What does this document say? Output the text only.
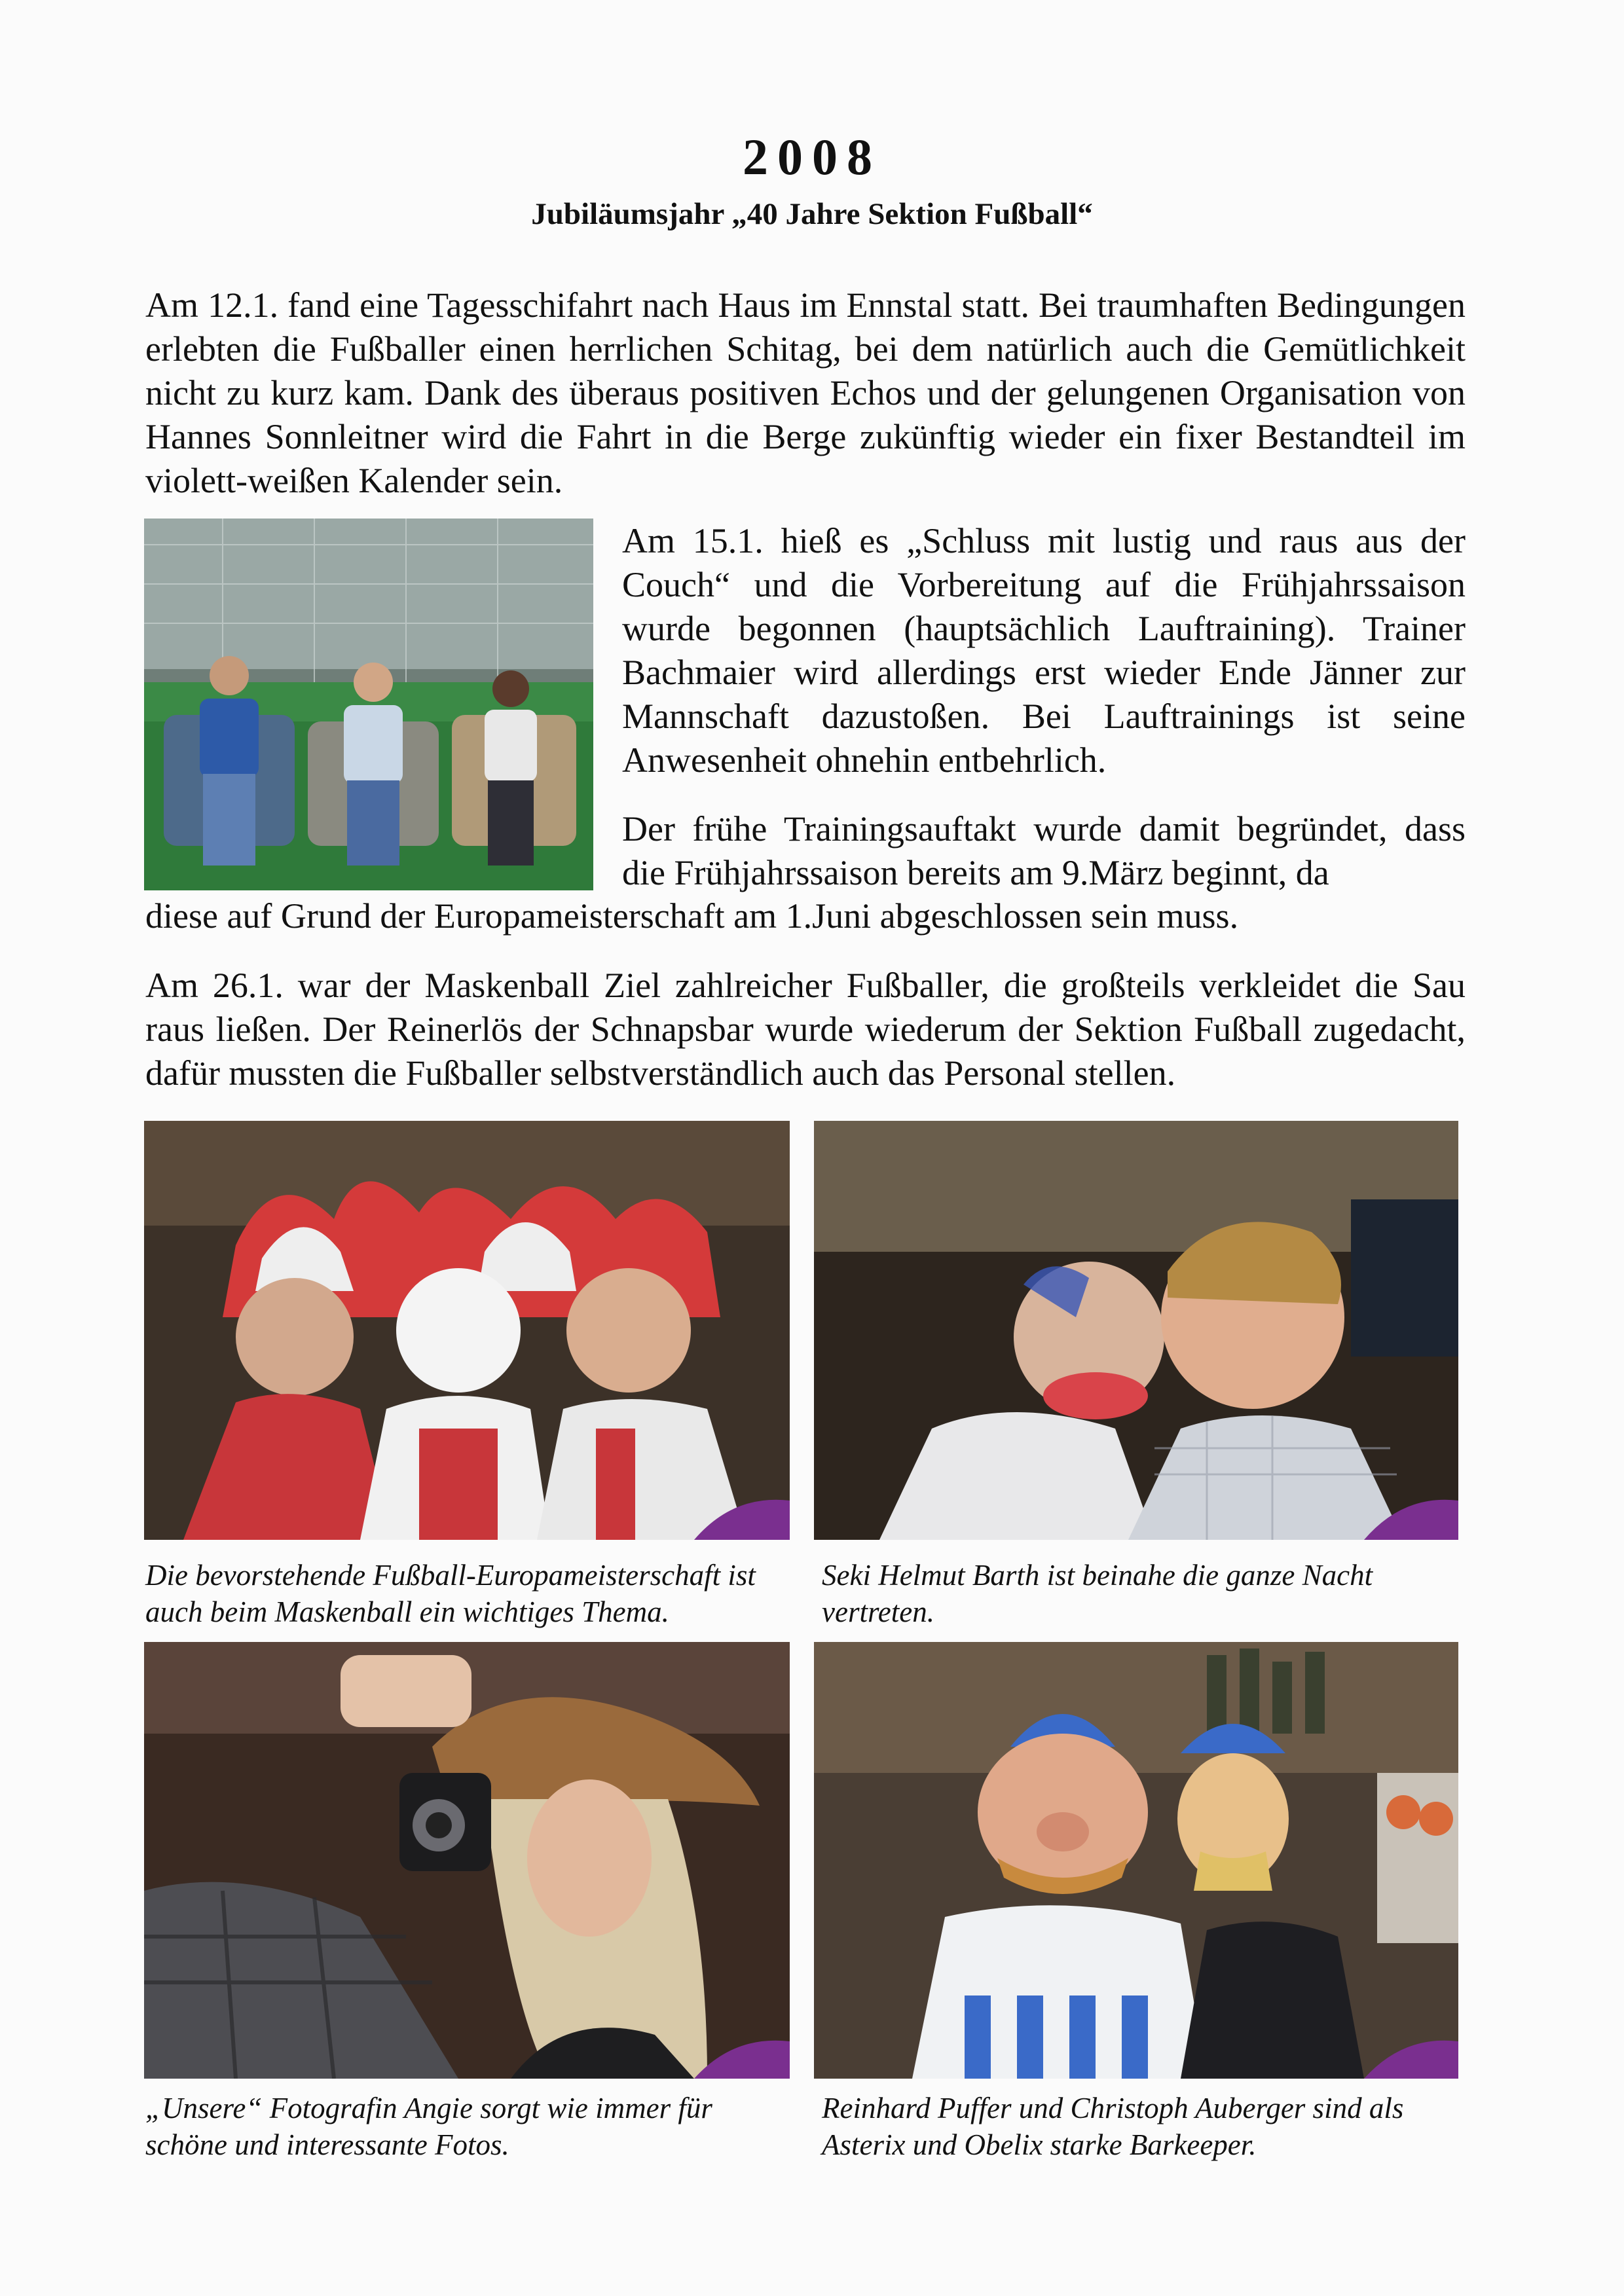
2008
Jubiläumsjahr „40 Jahre Sektion Fußball“
Am 12.1. fand eine Tagesschifahrt nach Haus im Ennstal statt. Bei traumhaften Bedingungen erlebten die Fußballer einen herrlichen Schitag, bei dem natürlich auch die Gemütlichkeit nicht zu kurz kam. Dank des überaus positiven Echos und der gelungenen Organisation von Hannes Sonnleitner wird die Fahrt in die Berge zukünftig wieder ein fixer Bestandteil im violett-weißen Kalender sein.
Am 15.1. hieß es „Schluss mit lustig und raus aus der Couch“ und die Vorbereitung auf die Frühjahrssaison wurde begonnen (hauptsächlich Lauftraining). Trainer Bachmaier wird allerdings erst wieder Ende Jänner zur Mannschaft dazustoßen. Bei Lauftrainings ist seine Anwesenheit ohnehin entbehrlich.
Der frühe Trainingsauftakt wurde damit begründet, dass die Frühjahrssaison bereits am 9.März beginnt, da
diese auf Grund der Europameisterschaft am 1.Juni abgeschlossen sein muss.
Am 26.1. war der Maskenball Ziel zahlreicher Fußballer, die großteils verkleidet die Sau raus ließen. Der Reinerlös der Schnapsbar wurde wiederum der Sektion Fußball zugedacht, dafür mussten die Fußballer selbstverständlich auch das Personal stellen.
Die bevorstehende Fußball-Europameisterschaft ist auch beim Maskenball ein wichtiges Thema.
Seki Helmut Barth ist beinahe die ganze Nacht vertreten.
„Unsere“ Fotografin Angie sorgt wie immer für schöne und interessante Fotos.
Reinhard Puffer und Christoph Auberger sind als Asterix und Obelix starke Barkeeper.
